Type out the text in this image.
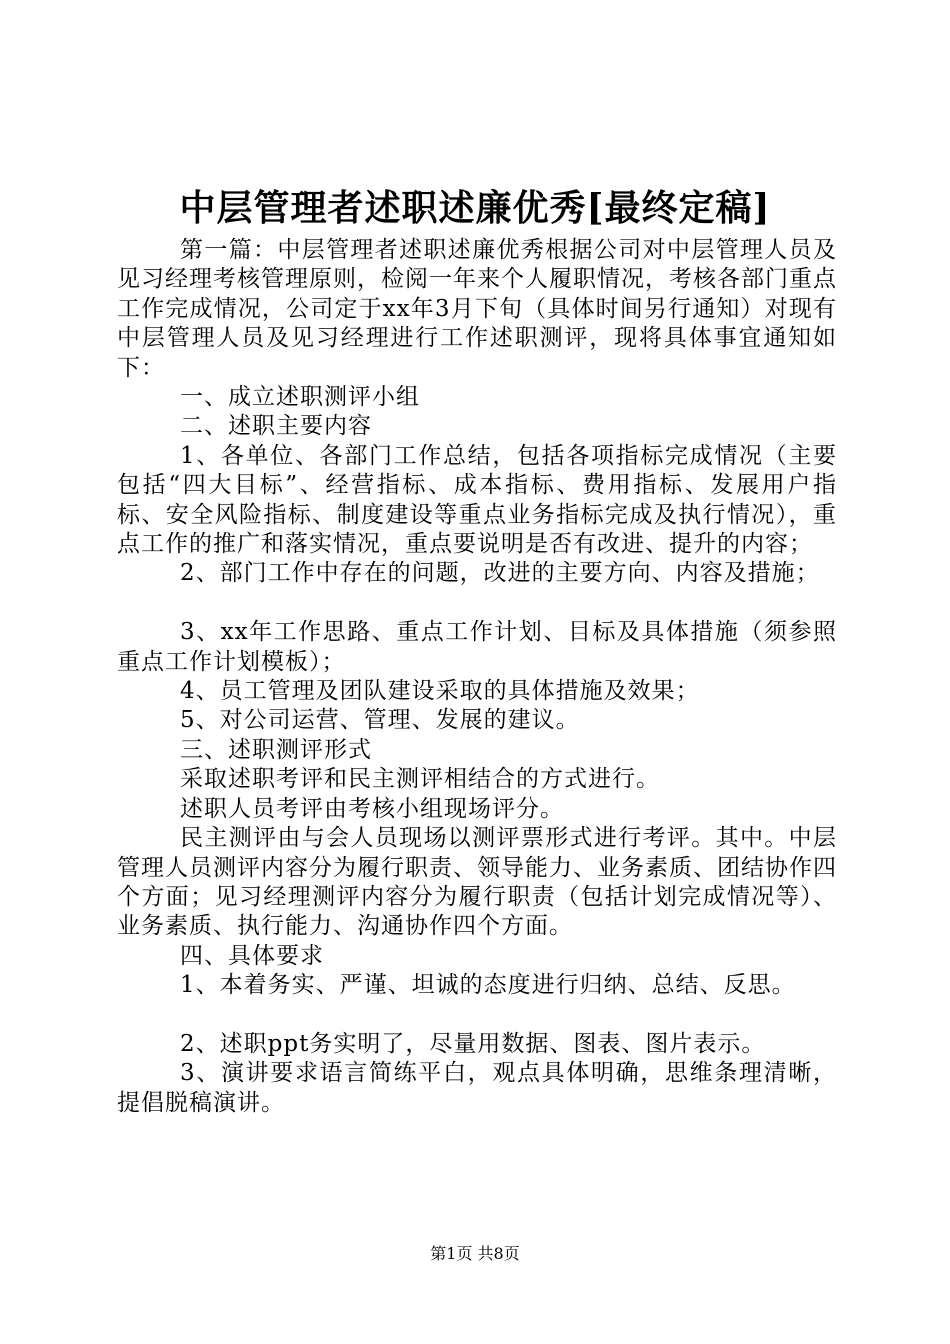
中层管理者述职述廉优秀[最终定稿]

第一篇：中层管理者述职述廉优秀根据公司对中层管理人员及见习经理考核管理原则，检阅一年来个人履职情况，考核各部门重点工作完成情况，公司定于xx年3月下旬（具体时间另行通知）对现有中层管理人员及见习经理进行工作述职测评，现将具体事宜通知如下：

一、成立述职测评小组

二、述职主要内容

1、各单位、各部门工作总结，包括各项指标完成情况（主要包括“四大目标”、经营指标、成本指标、费用指标、发展用户指标、安全风险指标、制度建设等重点业务指标完成及执行情况），重点工作的推广和落实情况，重点要说明是否有改进、提升的内容；

2、部门工作中存在的问题，改进的主要方向、内容及措施；

3、xx年工作思路、重点工作计划、目标及具体措施（须参照重点工作计划模板）；

4、员工管理及团队建设采取的具体措施及效果；

5、对公司运营、管理、发展的建议。

三、述职测评形式

采取述职考评和民主测评相结合的方式进行。

述职人员考评由考核小组现场评分。

民主测评由与会人员现场以测评票形式进行考评。其中。中层管理人员测评内容分为履行职责、领导能力、业务素质、团结协作四个方面；见习经理测评内容分为履行职责（包括计划完成情况等）、业务素质、执行能力、沟通协作四个方面。

四、具体要求

1、本着务实、严谨、坦诚的态度进行归纳、总结、反思。

2、述职ppt务实明了，尽量用数据、图表、图片表示。

3、演讲要求语言简练平白，观点具体明确，思维条理清晰，提倡脱稿演讲。

第1页 共8页
